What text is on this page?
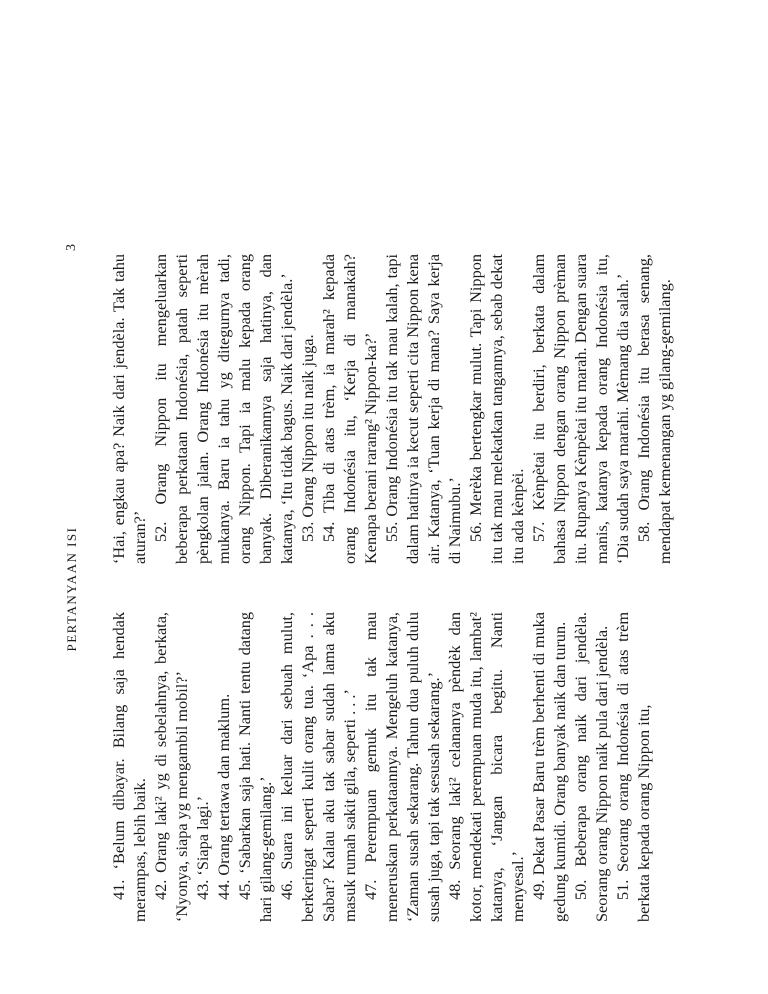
PERTANYAAN ISI
3

41. ‘Belum dibayar. Bilang saja hendak merampas, lebih baik. 42. Orang laki² yg di sebelahnya, berkata, ‘Nyonya, siapa yg mengambil mobil?’ 43. ‘Siapa lagi.’ 44. Orang tertawa dan maklum. 45. ‘Sabarkan saja hati. Nanti tentu datang hari gilang-gemilang.’ 46. Suara ini keluar dari sebuah mulut, berkeringat seperti kulit orang tua. ‘Apa . . . Sabar? Kalau aku tak sabar sudah lama aku masuk rumah sakit gila, seperti . . .’ 47. Perempuan gemuk itu tak mau meneruskan perkataannya. Mengeluh katanya, ‘Zaman susah sekarang. Tahun dua puluh dulu susah juga, tapi tak sesusah sekarang.’ 48. Seorang laki² celananya pèndèk dan kotor, mendekati perempuan muda itu, lambat² katanya, ‘Jangan bicara begitu. Nanti menyesal.’ 49. Dekat Pasar Baru trèm berhenti di muka gedung kumidi. Orang banyak naik dan turun. 50. Beberapa orang naik dari jendèla. Seorang orang Nippon naik pula dari jendèla. 51. Seorang orang Indonésia di atas trèm berkata kepada orang Nippon itu,

‘Hai, engkau apa? Naik dari jendèla. Tak tahu aturan?’ 52. Orang Nippon itu mengeluarkan beberapa perkataan Indonésia, patah seperti pèngkolan jalan. Orang Indonésia itu mèrah mukanya. Baru ia tahu yg ditegurnya tadi, orang Nippon. Tapi ia malu kepada orang banyak. Diberanikannya saja hatinya, dan katanya, ‘Itu tidak bagus. Naik dari jendèla.’ 53. Orang Nippon itu naik juga. 54. Tiba di atas trèm, ia marah² kepada orang Indonésia itu, ‘Kerja di manakah? Kenapa berani rarang² Nippon-ka?’ 55. Orang Indonésia itu tak mau kalah, tapi dalam hatinya ia kecut seperti cita Nippon kena air. Katanya, ‘Tuan kerja di mana? Saya kerja di Naimubu.’ 56. Merèka bertengkar mulut. Tapi Nippon itu tak mau melekatkan tangannya, sebab dekat itu ada kènpèi. 57. Kènpètai itu berdiri, berkata dalam bahasa Nippon dengan orang Nippon prèman itu. Rupanya Kènpètai itu marah. Dengan suara manis, katanya kepada orang Indonésia itu, ‘Dia sudah saya marahi. Mèmang dia salah.’ 58. Orang Indonésia itu berasa senang, mendapat kemenangan yg gilang-gemilang.
